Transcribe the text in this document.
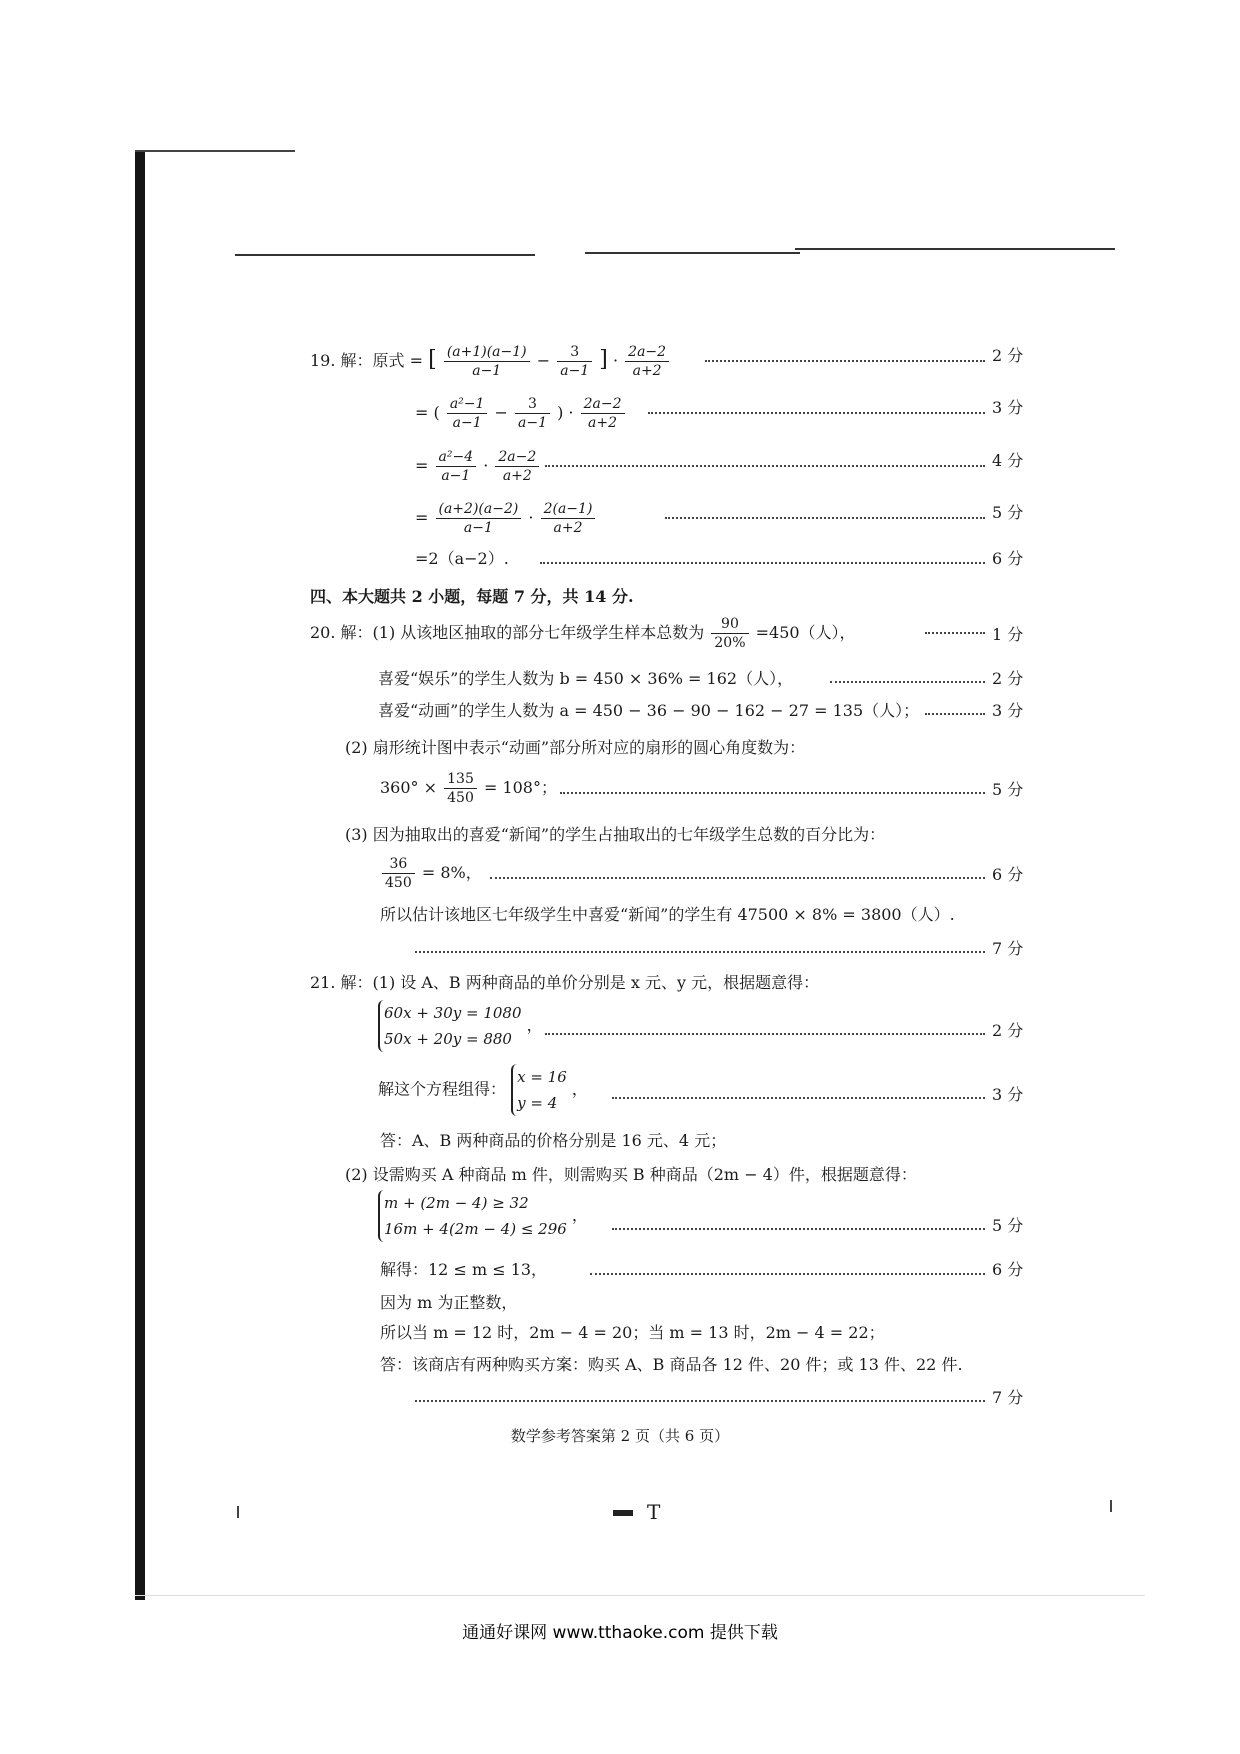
19. 解：原式 = [ $\frac{(a+1)(a-1)}{a-1} - \frac{3}{a-1}$ ] · $\frac{2a-2}{a+2}$	2 分
= ( $\frac{\text{a²−1}}{a-1} - \frac{3}{a-1}$ ) · $\frac{2a-2}{a+2}$	3 分
= $\frac{\text{a²−4}}{a-1} \cdot \frac{2a-2}{a+2}$	4 分
= $\frac{(a+2)(a-2)}{a-1} \cdot \frac{2(a-1)}{a+2}$	5 分
=2（a−2）.	6 分
四、本大题共 2 小题，每题 7 分，共 14 分.
20. 解：(1) 从该地区抽取的部分七年级学生样本总数为 $\frac{90}{20\%} =450$（人），	1 分
喜爱“娱乐”的学生人数为 b = 450 × 36% = 162（人），	2 分
喜爱“动画”的学生人数为 a = 450 − 36 − 90 − 162 − 27 = 135（人）；	3 分
(2) 扇形统计图中表示“动画”部分所对应的扇形的圆心角度数为：
$360^\circ \times \frac{135}{450} = 108^\circ$；	5 分
(3) 因为抽取出的喜爱“新闻”的学生占抽取出的七年级学生总数的百分比为：
$\frac{36}{450} = 8\%$，	6 分
所以估计该地区七年级学生中喜爱“新闻”的学生有 47500 × 8% = 3800（人）.
7 分
21. 解：(1) 设 A、B 两种商品的单价分别是 x 元、y 元，根据题意得：
60x + 30y = 1080
50x + 20y = 880 ，	2 分
解这个方程组得： x = 16
y = 4 ，	3 分
答：A、B 两种商品的价格分别是 16 元、4 元；
(2) 设需购买 A 种商品 m 件，则需购买 B 种商品（2m − 4）件，根据题意得：
m + (2m − 4) ≥ 32
16m + 4(2m − 4) ≤ 296 ，
5 分
解得：12 ≤ m ≤ 13，	6 分
因为 m 为正整数，
所以当 m = 12 时，2m − 4 = 20；当 m = 13 时，2m − 4 = 22；
答：该商店有两种购买方案：购买 A、B 商品各 12 件、20 件；或 13 件、22 件.
7 分
数学参考答案第 2 页（共 6 页）
T
通通好课网 www.tthaoke.com 提供下载
